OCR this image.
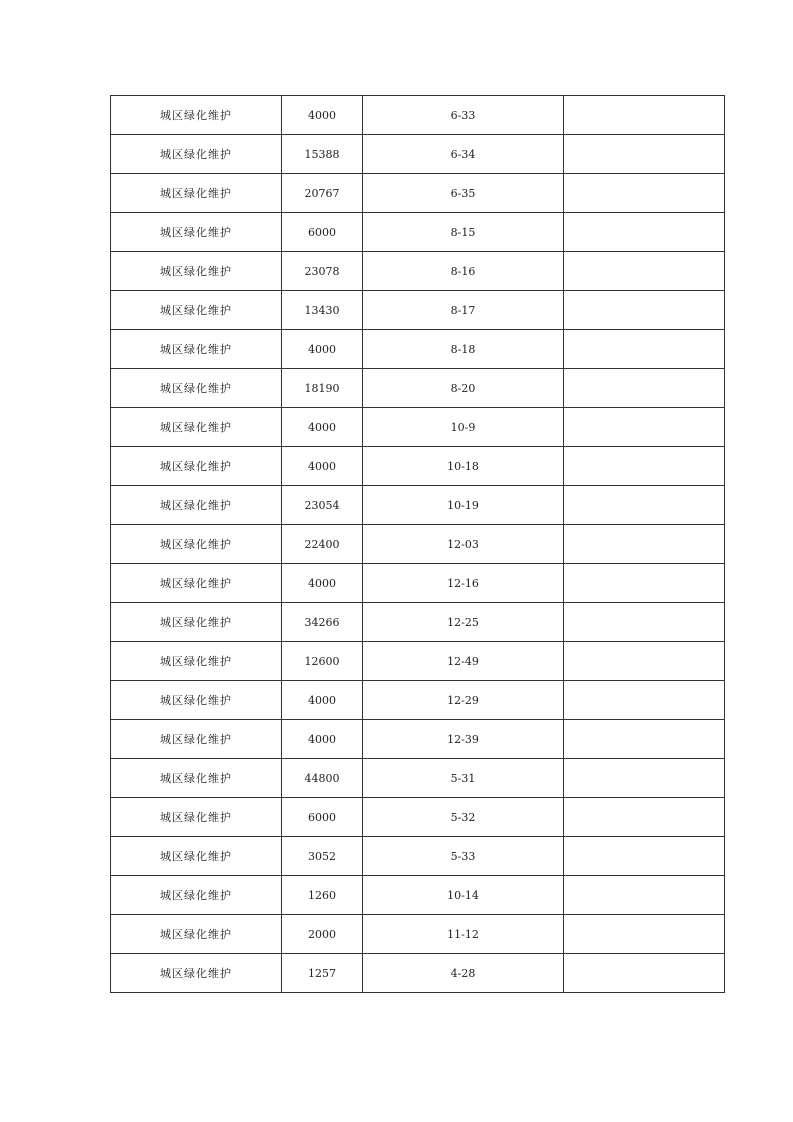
城区绿化维护	4000	6-33	
城区绿化维护	15388	6-34	
城区绿化维护	20767	6-35	
城区绿化维护	6000	8-15	
城区绿化维护	23078	8-16	
城区绿化维护	13430	8-17	
城区绿化维护	4000	8-18	
城区绿化维护	18190	8-20	
城区绿化维护	4000	10-9	
城区绿化维护	4000	10-18	
城区绿化维护	23054	10-19	
城区绿化维护	22400	12-03	
城区绿化维护	4000	12-16	
城区绿化维护	34266	12-25	
城区绿化维护	12600	12-49	
城区绿化维护	4000	12-29	
城区绿化维护	4000	12-39	
城区绿化维护	44800	5-31	
城区绿化维护	6000	5-32	
城区绿化维护	3052	5-33	
城区绿化维护	1260	10-14	
城区绿化维护	2000	11-12	
城区绿化维护	1257	4-28	
